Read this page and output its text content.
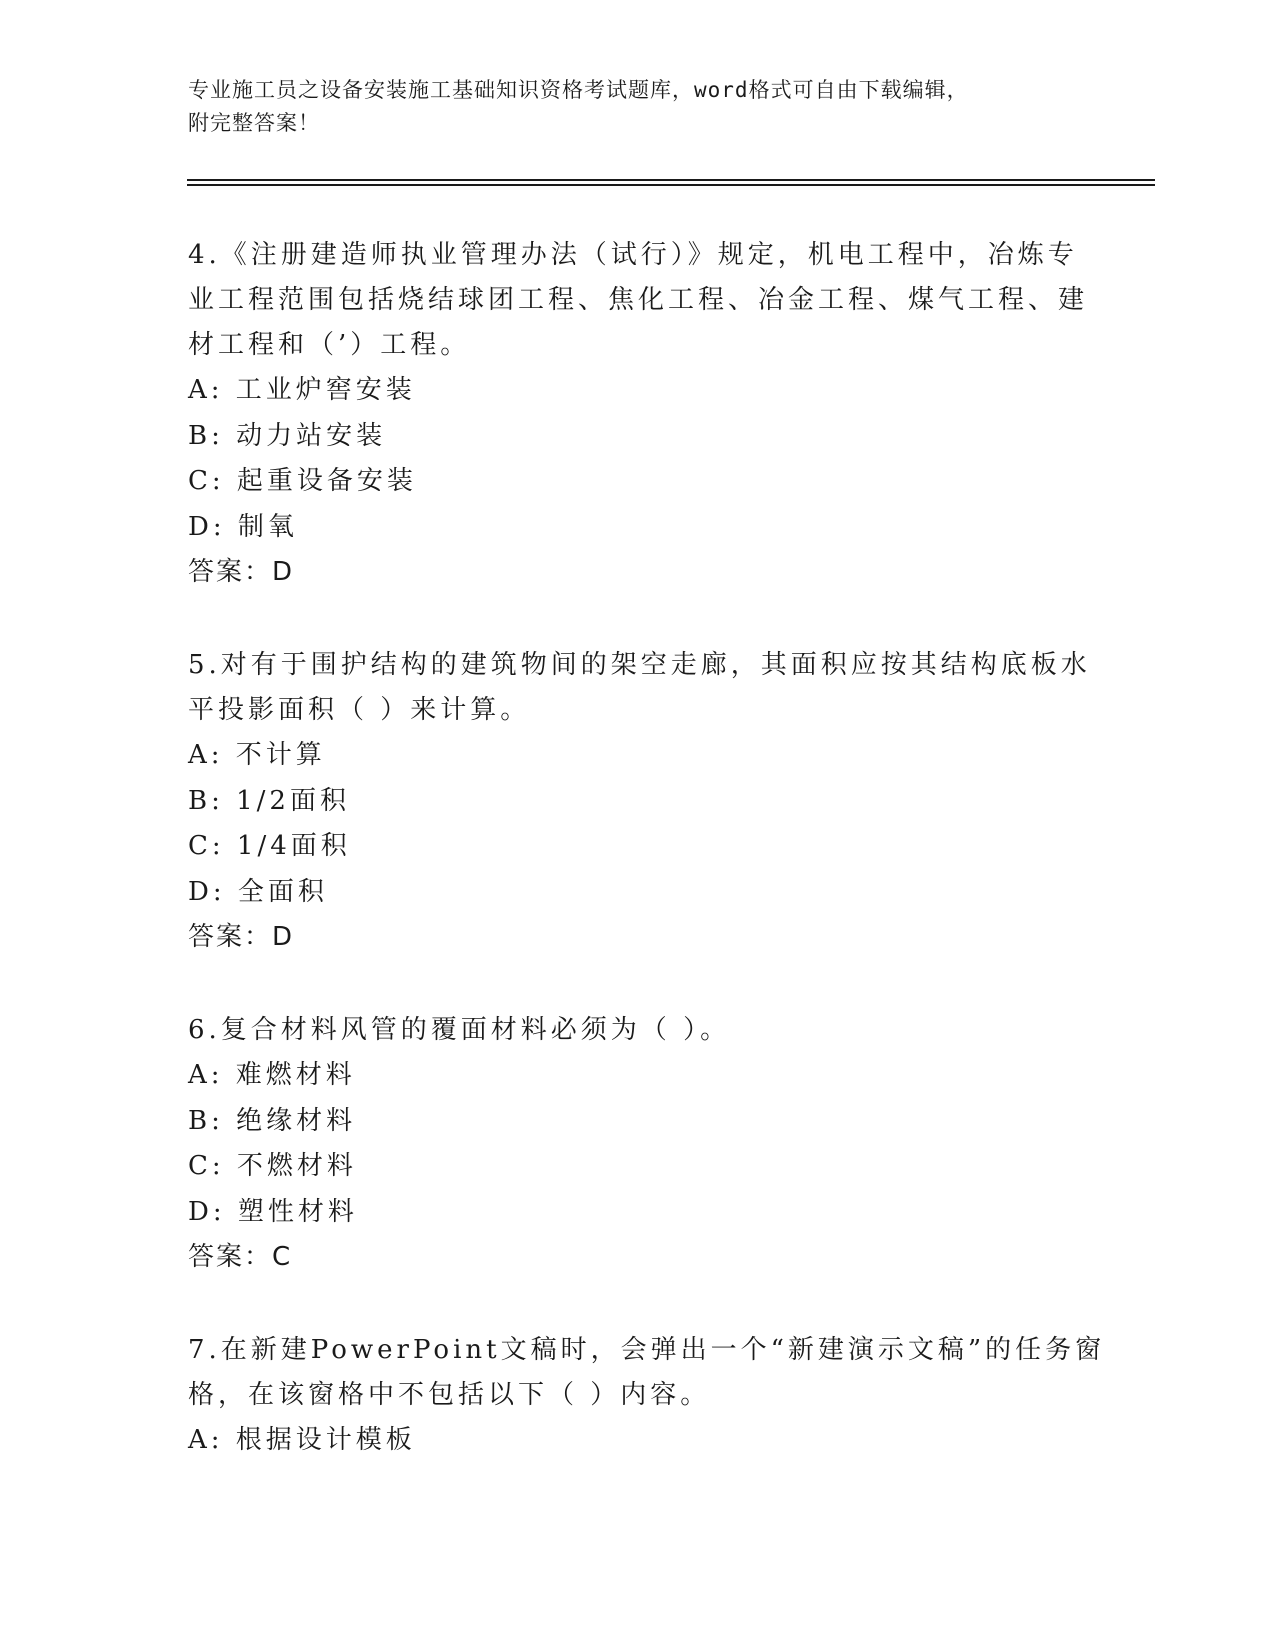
专业施工员之设备安装施工基础知识资格考试题库，word格式可自由下载编辑，
附完整答案！
4.《注册建造师执业管理办法（试行）》规定，机电工程中，冶炼专
业工程范围包括烧结球团工程、焦化工程、冶金工程、煤气工程、建
材工程和（’）工程。
A: 工业炉窖安装
B: 动力站安装
C: 起重设备安装
D: 制氧
答案：D
5.对有于围护结构的建筑物间的架空走廊，其面积应按其结构底板水
平投影面积（ ）来计算。
A: 不计算
B: 1/2面积
C: 1/4面积
D: 全面积
答案：D
6.复合材料风管的覆面材料必须为（ ）。
A: 难燃材料
B: 绝缘材料
C: 不燃材料
D: 塑性材料
答案：C
7.在新建PowerPoint文稿时，会弹出一个“新建演示文稿”的任务窗
格，在该窗格中不包括以下（ ）内容。
A: 根据设计模板
